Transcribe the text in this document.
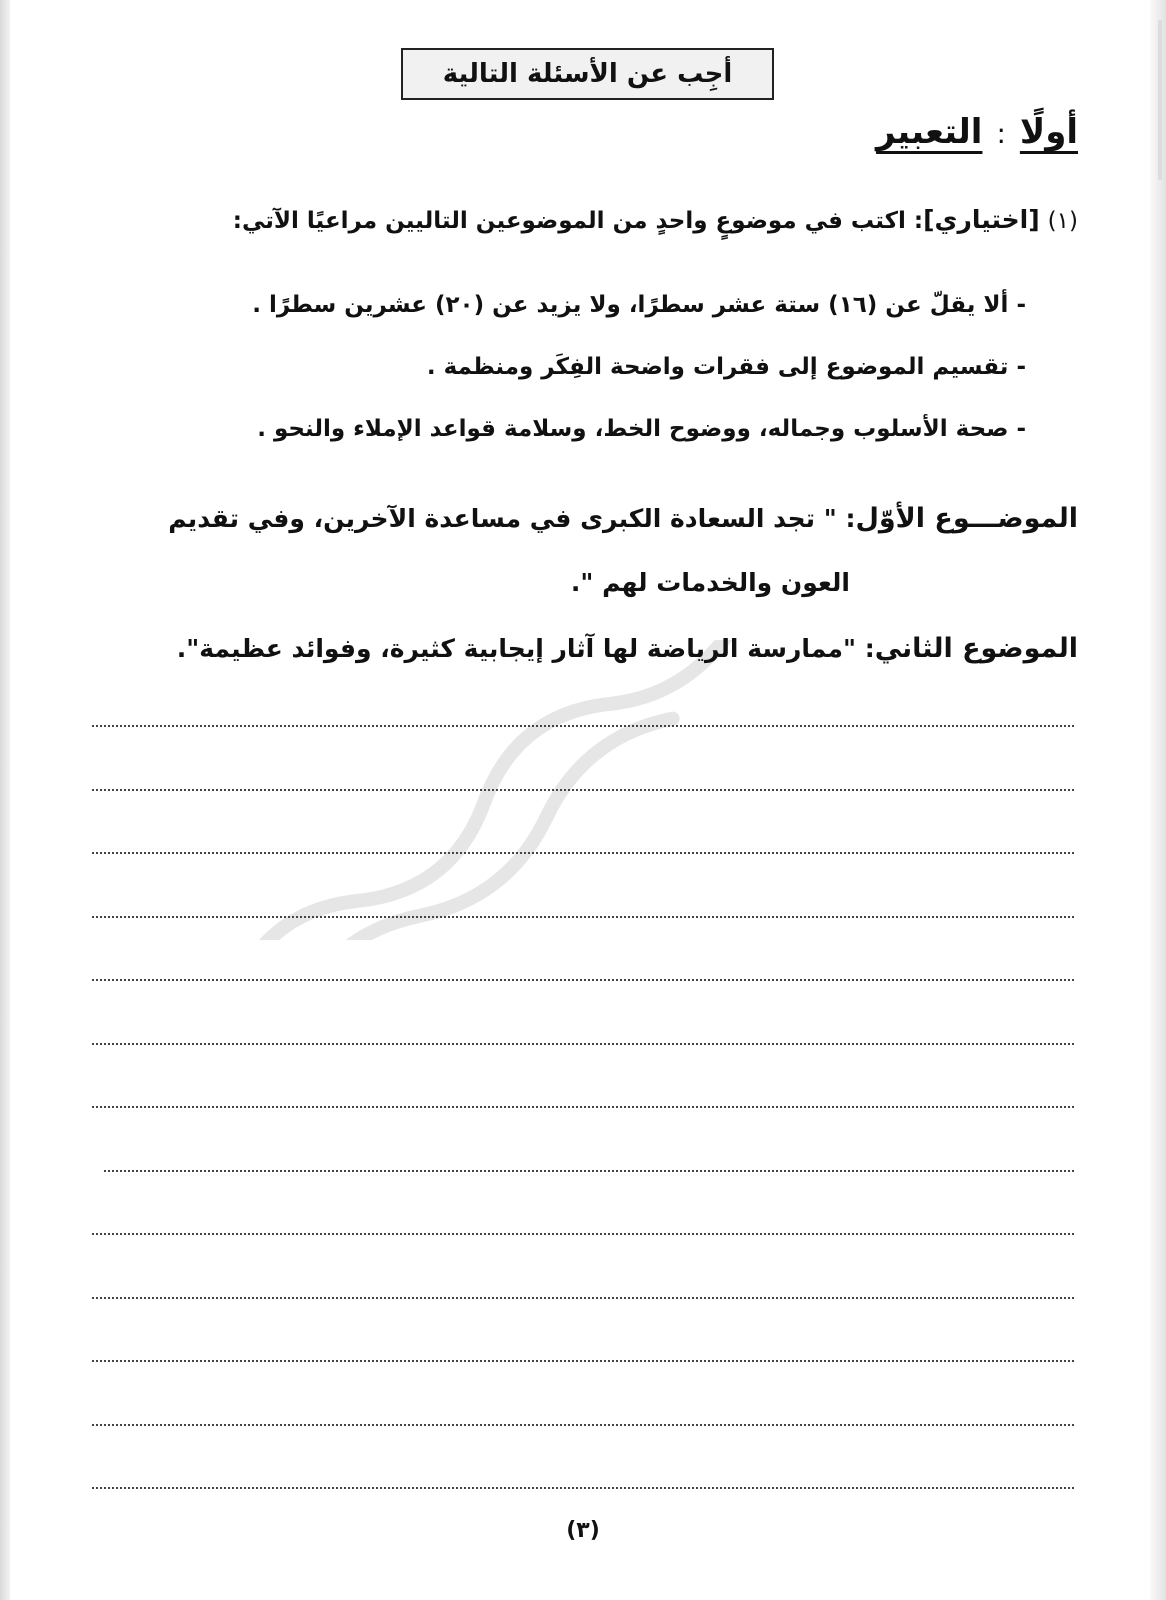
أجِب عن الأسئلة التالية
أولًا:التعبير
(١)[اختياري]: اكتب في موضوعٍ واحدٍ من الموضوعين التاليين مراعيًا الآتي:
- ألا يقلّ عن (١٦) ستة عشر سطرًا، ولا يزيد عن (٢٠) عشرين سطرًا .
- تقسيم الموضوع إلى فقرات واضحة الفِكَر ومنظمة .
- صحة الأسلوب وجماله، ووضوح الخط، وسلامة قواعد الإملاء والنحو .
الموضـــوع الأوّل: " تجد السعادة الكبرى في مساعدة الآخرين، وفي تقديم
العون والخدمات لهم ".
الموضوع الثاني: "ممارسة الرياضة لها آثار إيجابية كثيرة، وفوائد عظيمة".
(٣)
